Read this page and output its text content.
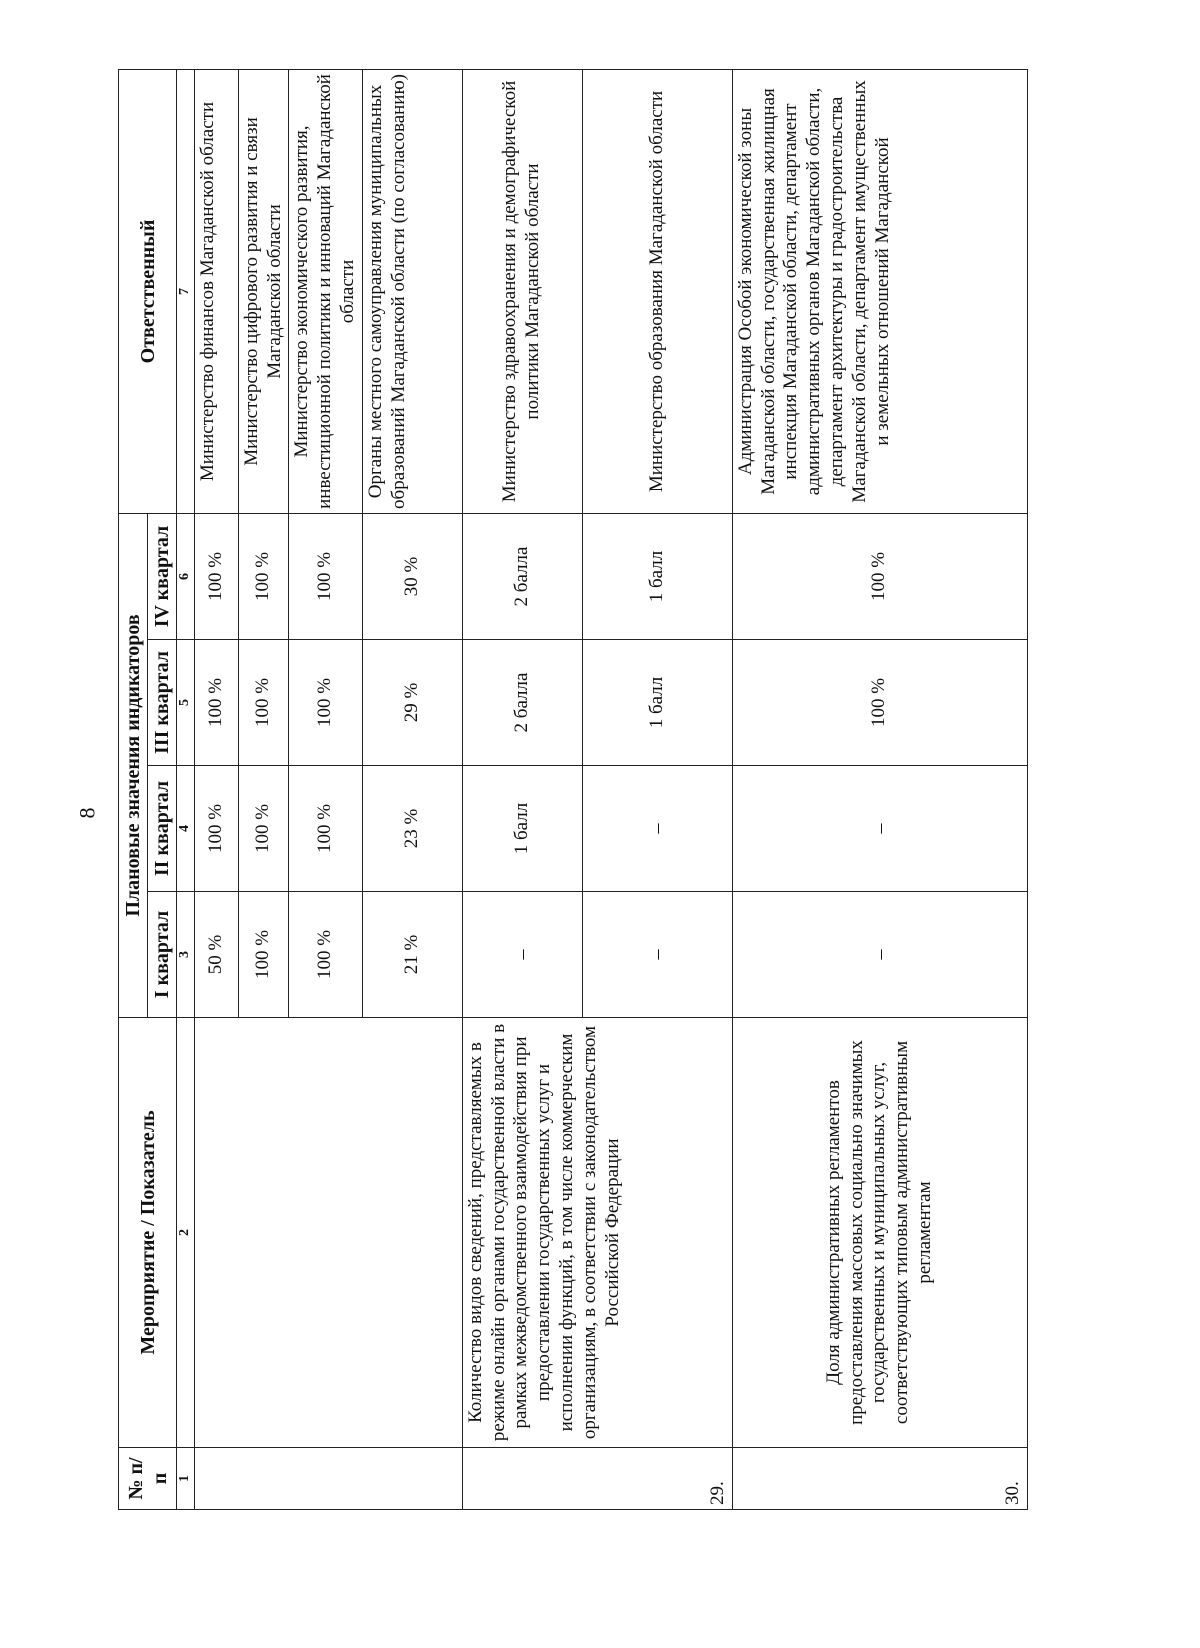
8
№ п/п	Мероприятие / Показатель	Плановые значения индикаторов				Ответственный
		I квартал	II квартал	III квартал	IV квартал	
1	2	3	4	5	6	7
		50 %	100 %	100 %	100 %	Министерство финансов Магаданской области
		100 %	100 %	100 %	100 %	Министерство цифрового развития и связи Магаданской области
		100 %	100 %	100 %	100 %	Министерство экономического развития, инвестиционной политики и инноваций Магаданской области
		21 %	23 %	29 %	30 %	Органы местного самоуправления муниципальных образований Магаданской области (по согласованию)
29.	Количество видов сведений, представляемых в режиме онлайн органами государственной власти в рамках межведомственного взаимодействия при предоставлении государственных услуг и исполнении функций, в том числе коммерческим организациям, в соответствии с законодательством Российской Федерации	–	1 балл	2 балла	2 балла	Министерство здравоохранения и демографической политики Магаданской области
		–	–	1 балл	1 балл	Министерство образования Магаданской области
30.	Доля административных регламентов предоставления массовых социально значимых государственных и муниципальных услуг, соответствующих типовым административным регламентам	–	–	100 %	100 %	Администрация Особой экономической зоны Магаданской области, государственная жилищная инспекция Магаданской области, департамент административных органов Магаданской области, департамент архитектуры и градостроительства Магаданской области, департамент имущественных и земельных отношений Магаданской
